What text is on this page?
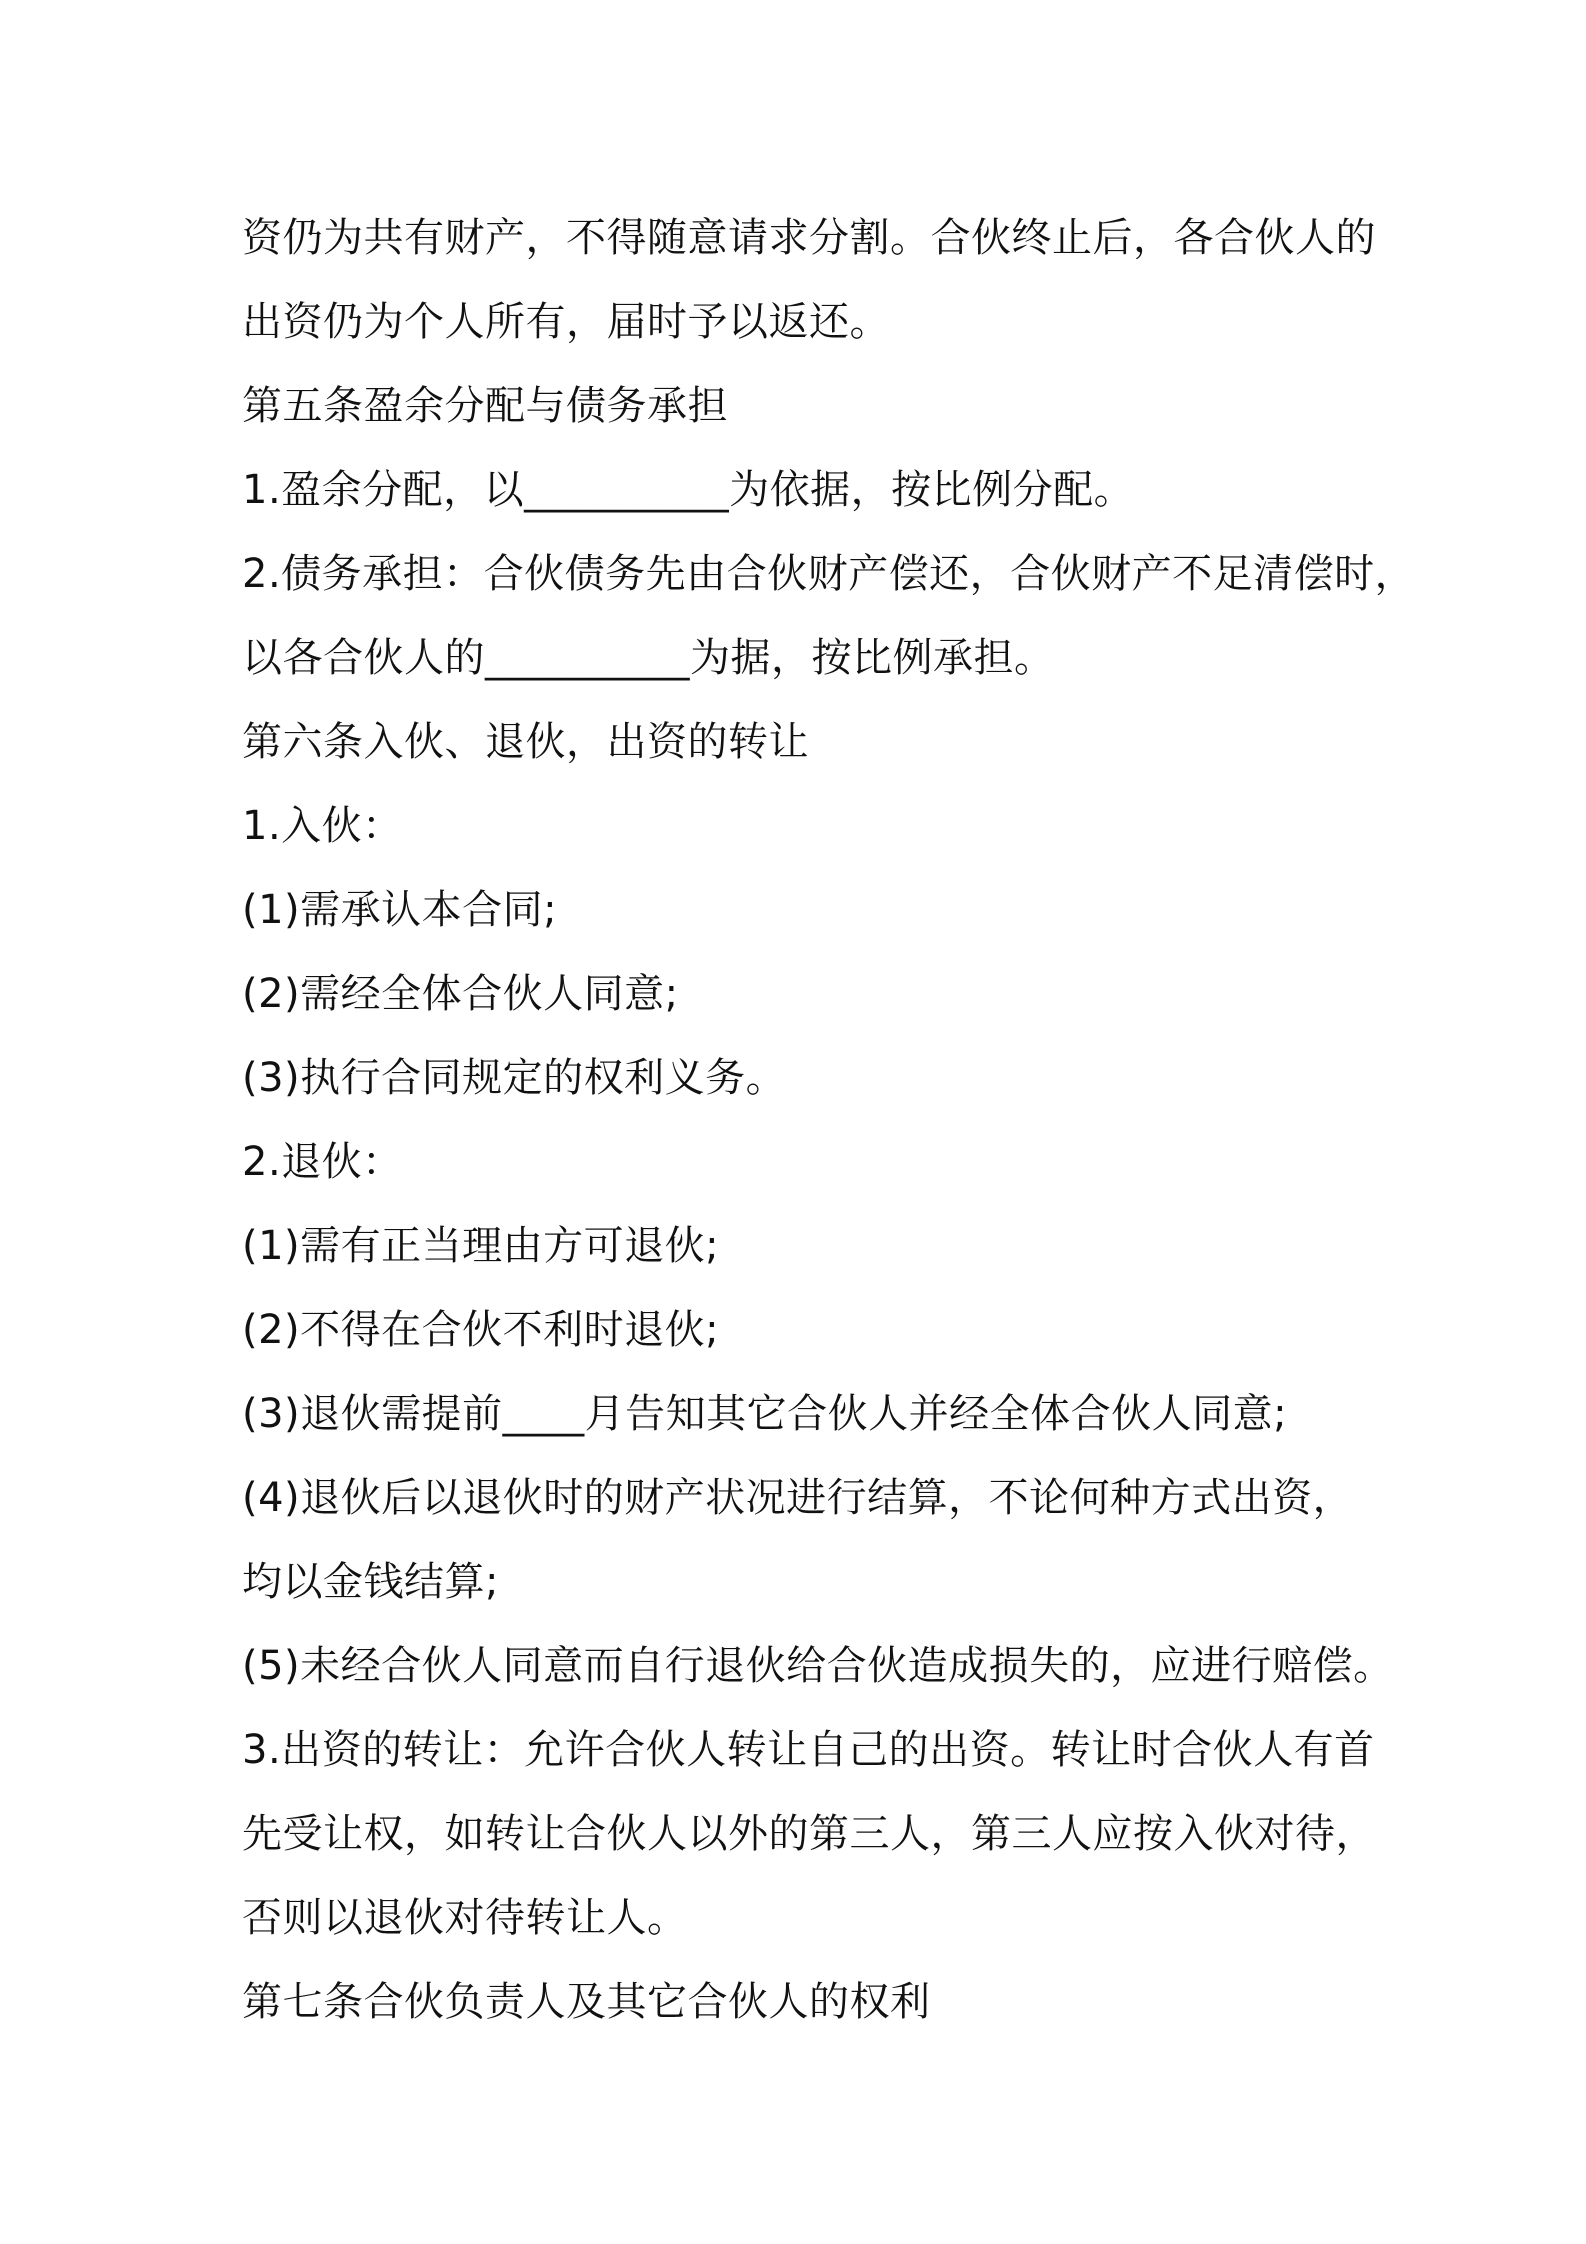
资仍为共有财产，不得随意请求分割。合伙终止后，各合伙人的
出资仍为个人所有，届时予以返还。
第五条盈余分配与债务承担
1.盈余分配，以__________为依据，按比例分配。
2.债务承担：合伙债务先由合伙财产偿还，合伙财产不足清偿时，
以各合伙人的__________为据，按比例承担。
第六条入伙、退伙，出资的转让
1.入伙：
(1)需承认本合同;
(2)需经全体合伙人同意;
(3)执行合同规定的权利义务。
2.退伙：
(1)需有正当理由方可退伙;
(2)不得在合伙不利时退伙;
(3)退伙需提前____月告知其它合伙人并经全体合伙人同意;
(4)退伙后以退伙时的财产状况进行结算，不论何种方式出资，
均以金钱结算;
(5)未经合伙人同意而自行退伙给合伙造成损失的，应进行赔偿。
3.出资的转让：允许合伙人转让自己的出资。转让时合伙人有首
先受让权，如转让合伙人以外的第三人，第三人应按入伙对待，
否则以退伙对待转让人。
第七条合伙负责人及其它合伙人的权利
